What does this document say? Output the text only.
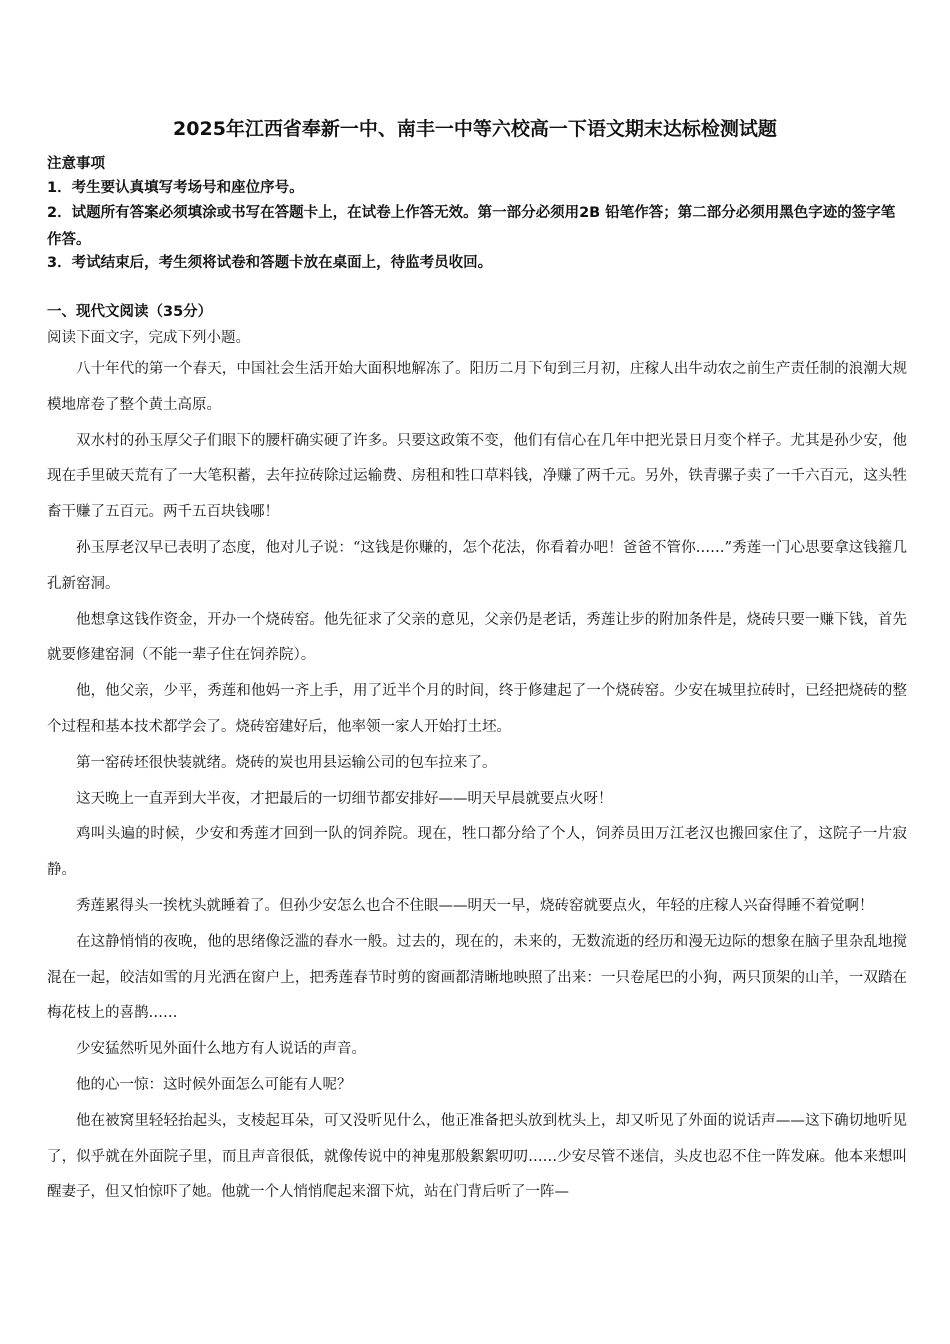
2025年江西省奉新一中、南丰一中等六校高一下语文期末达标检测试题
注意事项
1．考生要认真填写考场号和座位序号。
2．试题所有答案必须填涂或书写在答题卡上，在试卷上作答无效。第一部分必须用2B 铅笔作答；第二部分必须用黑色字迹的签字笔作答。
3．考试结束后，考生须将试卷和答题卡放在桌面上，待监考员收回。
一、现代文阅读（35分）
阅读下面文字，完成下列小题。

八十年代的第一个春天，中国社会生活开始大面积地解冻了。阳历二月下旬到三月初，庄稼人出牛动农之前生产责任制的浪潮大规模地席卷了整个黄土高原。

双水村的孙玉厚父子们眼下的腰杆确实硬了许多。只要这政策不变，他们有信心在几年中把光景日月变个样子。尤其是孙少安，他现在手里破天荒有了一大笔积蓄，去年拉砖除过运输费、房租和牲口草料钱，净赚了两千元。另外，铁青骡子卖了一千六百元，这头牲畜干赚了五百元。两千五百块钱哪！

孙玉厚老汉早已表明了态度，他对儿子说：“这钱是你赚的，怎个花法，你看着办吧！爸爸不管你……”秀莲一门心思要拿这钱箍几孔新窑洞。

他想拿这钱作资金，开办一个烧砖窑。他先征求了父亲的意见，父亲仍是老话，秀莲让步的附加条件是，烧砖只要一赚下钱，首先就要修建窑洞（不能一辈子住在饲养院）。

他，他父亲，少平，秀莲和他妈一齐上手，用了近半个月的时间，终于修建起了一个烧砖窑。少安在城里拉砖时，已经把烧砖的整个过程和基本技术都学会了。烧砖窑建好后，他率领一家人开始打土坯。

第一窑砖坯很快装就绪。烧砖的炭也用县运输公司的包车拉来了。

这天晚上一直弄到大半夜，才把最后的一切细节都安排好——明天早晨就要点火呀！

鸡叫头遍的时候，少安和秀莲才回到一队的饲养院。现在，牲口都分给了个人，饲养员田万江老汉也搬回家住了，这院子一片寂静。

秀莲累得头一挨枕头就睡着了。但孙少安怎么也合不住眼——明天一早，烧砖窑就要点火，年轻的庄稼人兴奋得睡不着觉啊！

在这静悄悄的夜晚，他的思绪像泛滥的春水一般。过去的，现在的，未来的，无数流逝的经历和漫无边际的想象在脑子里杂乱地搅混在一起，皎洁如雪的月光洒在窗户上，把秀莲春节时剪的窗画都清晰地映照了出来：一只卷尾巴的小狗，两只顶架的山羊，一双踏在梅花枝上的喜鹊……

少安猛然听见外面什么地方有人说话的声音。

他的心一惊：这时候外面怎么可能有人呢？

他在被窝里轻轻抬起头，支棱起耳朵，可又没听见什么，他正准备把头放到枕头上，却又听见了外面的说话声——这下确切地听见了，似乎就在外面院子里，而且声音很低，就像传说中的神鬼那般絮絮叨叨……少安尽管不迷信，头皮也忍不住一阵发麻。他本来想叫醒妻子，但又怕惊吓了她。他就一个人悄悄爬起来溜下炕，站在门背后听了一阵—
